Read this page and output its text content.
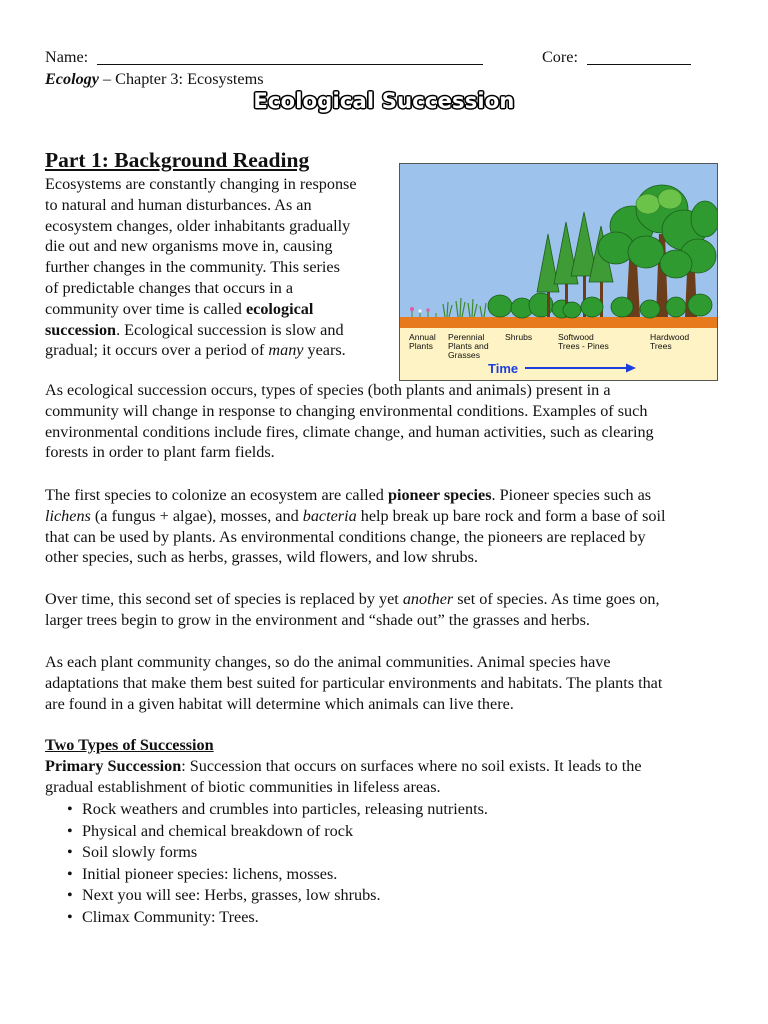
Name:	Core:
Ecology – Chapter 3: Ecosystems
Ecological Succession
Part 1: Background Reading
Ecosystems are constantly changing in response
to natural and human disturbances. As an
ecosystem changes, older inhabitants gradually
die out and new organisms move in, causing
further changes in the community. This series
of predictable changes that occurs in a
community over time is called ecological
succession. Ecological succession is slow and
gradual; it occurs over a period of many years.
Annual
Plants
Perennial
Plants and
Grasses
Shrubs	Softwood
Trees - Pines
Hardwood
Trees
Time
As ecological succession occurs, types of species (both plants and animals) present in a
community will change in response to changing environmental conditions. Examples of such
environmental conditions include fires, climate change, and human activities, such as clearing
forests in order to plant farm fields.
The first species to colonize an ecosystem are called pioneer species. Pioneer species such as
lichens (a fungus + algae), mosses, and bacteria help break up bare rock and form a base of soil
that can be used by plants. As environmental conditions change, the pioneers are replaced by
other species, such as herbs, grasses, wild flowers, and low shrubs.
Over time, this second set of species is replaced by yet another set of species. As time goes on,
larger trees begin to grow in the environment and “shade out” the grasses and herbs.
As each plant community changes, so do the animal communities. Animal species have
adaptations that make them best suited for particular environments and habitats. The plants that
are found in a given habitat will determine which animals can live there.
Two Types of Succession
Primary Succession: Succession that occurs on surfaces where no soil exists. It leads to the
gradual establishment of biotic communities in lifeless areas.
• Rock weathers and crumbles into particles, releasing nutrients.
• Physical and chemical breakdown of rock
• Soil slowly forms
• Initial pioneer species: lichens, mosses.
• Next you will see: Herbs, grasses, low shrubs.
• Climax Community: Trees.
